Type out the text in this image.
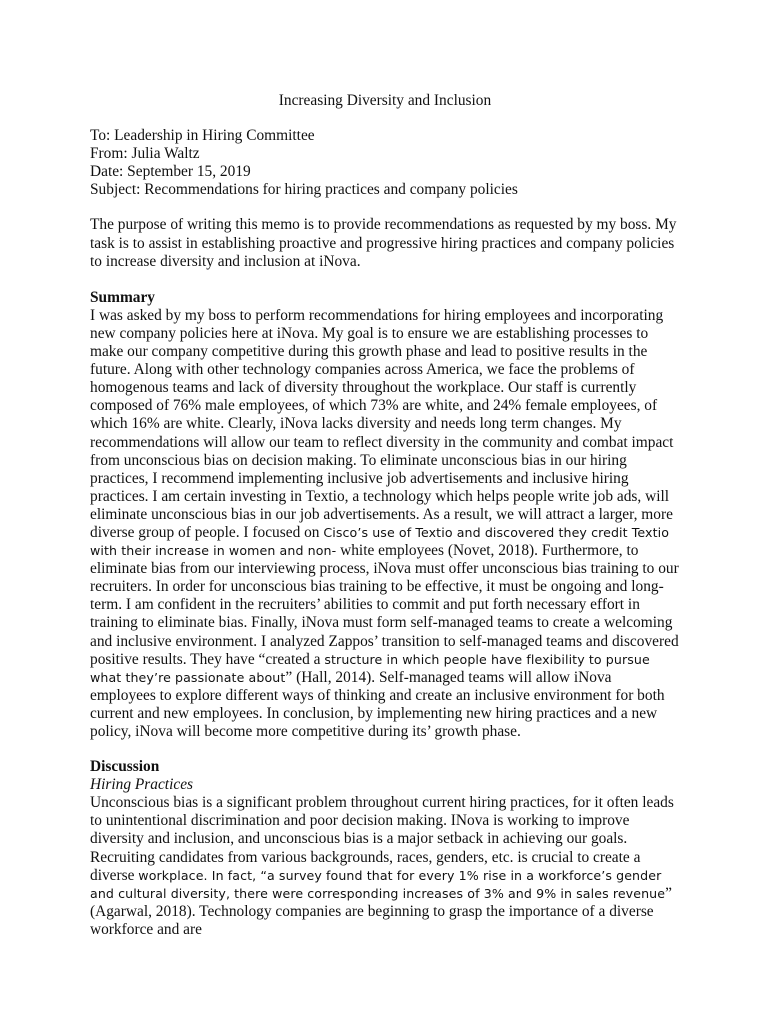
Increasing Diversity and Inclusion

To: Leadership in Hiring Committee

From: Julia Waltz

Date: September 15, 2019

Subject: Recommendations for hiring practices and company policies

The purpose of writing this memo is to provide recommendations as requested by my boss. My task is to assist in establishing proactive and progressive hiring practices and company policies to increase diversity and inclusion at iNova.

Summary

I was asked by my boss to perform recommendations for hiring employees and incorporating new company policies here at iNova. My goal is to ensure we are establishing processes to make our company competitive during this growth phase and lead to positive results in the future. Along with other technology companies across America, we face the problems of homogenous teams and lack of diversity throughout the workplace. Our staff is currently composed of 76% male employees, of which 73% are white, and 24% female employees, of which 16% are white. Clearly, iNova lacks diversity and needs long term changes. My recommendations will allow our team to reflect diversity in the community and combat impact from unconscious bias on decision making. To eliminate unconscious bias in our hiring practices, I recommend implementing inclusive job advertisements and inclusive hiring practices. I am certain investing in Textio, a technology which helps people write job ads, will eliminate unconscious bias in our job advertisements. As a result, we will attract a larger, more diverse group of people. I focused on Cisco’s use of Textio and discovered they credit Textio with their increase in women and non- white employees (Novet, 2018). Furthermore, to eliminate bias from our interviewing process, iNova must offer unconscious bias training to our recruiters. In order for unconscious bias training to be effective, it must be ongoing and long-term. I am confident in the recruiters’ abilities to commit and put forth necessary effort in training to eliminate bias. Finally, iNova must form self-managed teams to create a welcoming and inclusive environment. I analyzed Zappos’ transition to self-managed teams and discovered positive results. They have “created a structure in which people have flexibility to pursue what they’re passionate about” (Hall, 2014). Self-managed teams will allow iNova employees to explore different ways of thinking and create an inclusive environment for both current and new employees. In conclusion, by implementing new hiring practices and a new policy, iNova will become more competitive during its’ growth phase.

Discussion

Hiring Practices

Unconscious bias is a significant problem throughout current hiring practices, for it often leads to unintentional discrimination and poor decision making. INova is working to improve diversity and inclusion, and unconscious bias is a major setback in achieving our goals. Recruiting candidates from various backgrounds, races, genders, etc. is crucial to create a diverse workplace. In fact, “a survey found that for every 1% rise in a workforce’s gender and cultural diversity, there were corresponding increases of 3% and 9% in sales revenue” (Agarwal, 2018). Technology companies are beginning to grasp the importance of a diverse workforce and are
